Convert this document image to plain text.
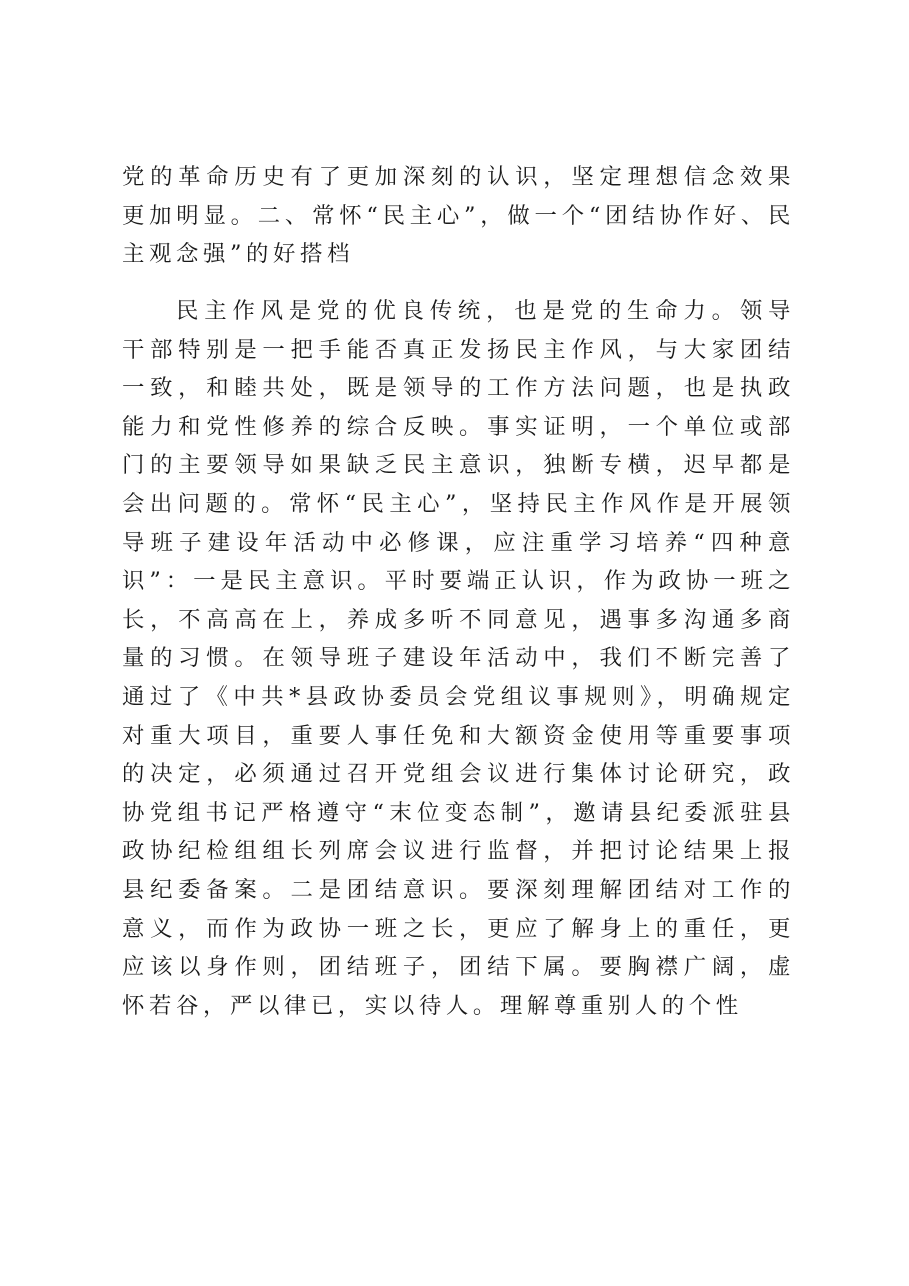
党的革命历史有了更加深刻的认识，坚定理想信念效果更加明显。二、常怀“民主心”，做一个“团结协作好、民主观念强”的好搭档

民主作风是党的优良传统，也是党的生命力。领导干部特别是一把手能否真正发扬民主作风，与大家团结一致，和睦共处，既是领导的工作方法问题，也是执政能力和党性修养的综合反映。事实证明，一个单位或部门的主要领导如果缺乏民主意识，独断专横，迟早都是会出问题的。常怀“民主心”，坚持民主作风作是开展领导班子建设年活动中必修课，应注重学习培养“四种意识”：一是民主意识。平时要端正认识，作为政协一班之长，不高高在上，养成多听不同意见，遇事多沟通多商量的习惯。在领导班子建设年活动中，我们不断完善了通过了《中共*县政协委员会党组议事规则》，明确规定对重大项目，重要人事任免和大额资金使用等重要事项的决定，必须通过召开党组会议进行集体讨论研究，政协党组书记严格遵守“末位变态制”，邀请县纪委派驻县政协纪检组组长列席会议进行监督，并把讨论结果上报县纪委备案。二是团结意识。要深刻理解团结对工作的意义，而作为政协一班之长，更应了解身上的重任，更应该以身作则，团结班子，团结下属。要胸襟广阔，虚怀若谷，严以律已，实以待人。理解尊重别人的个性
